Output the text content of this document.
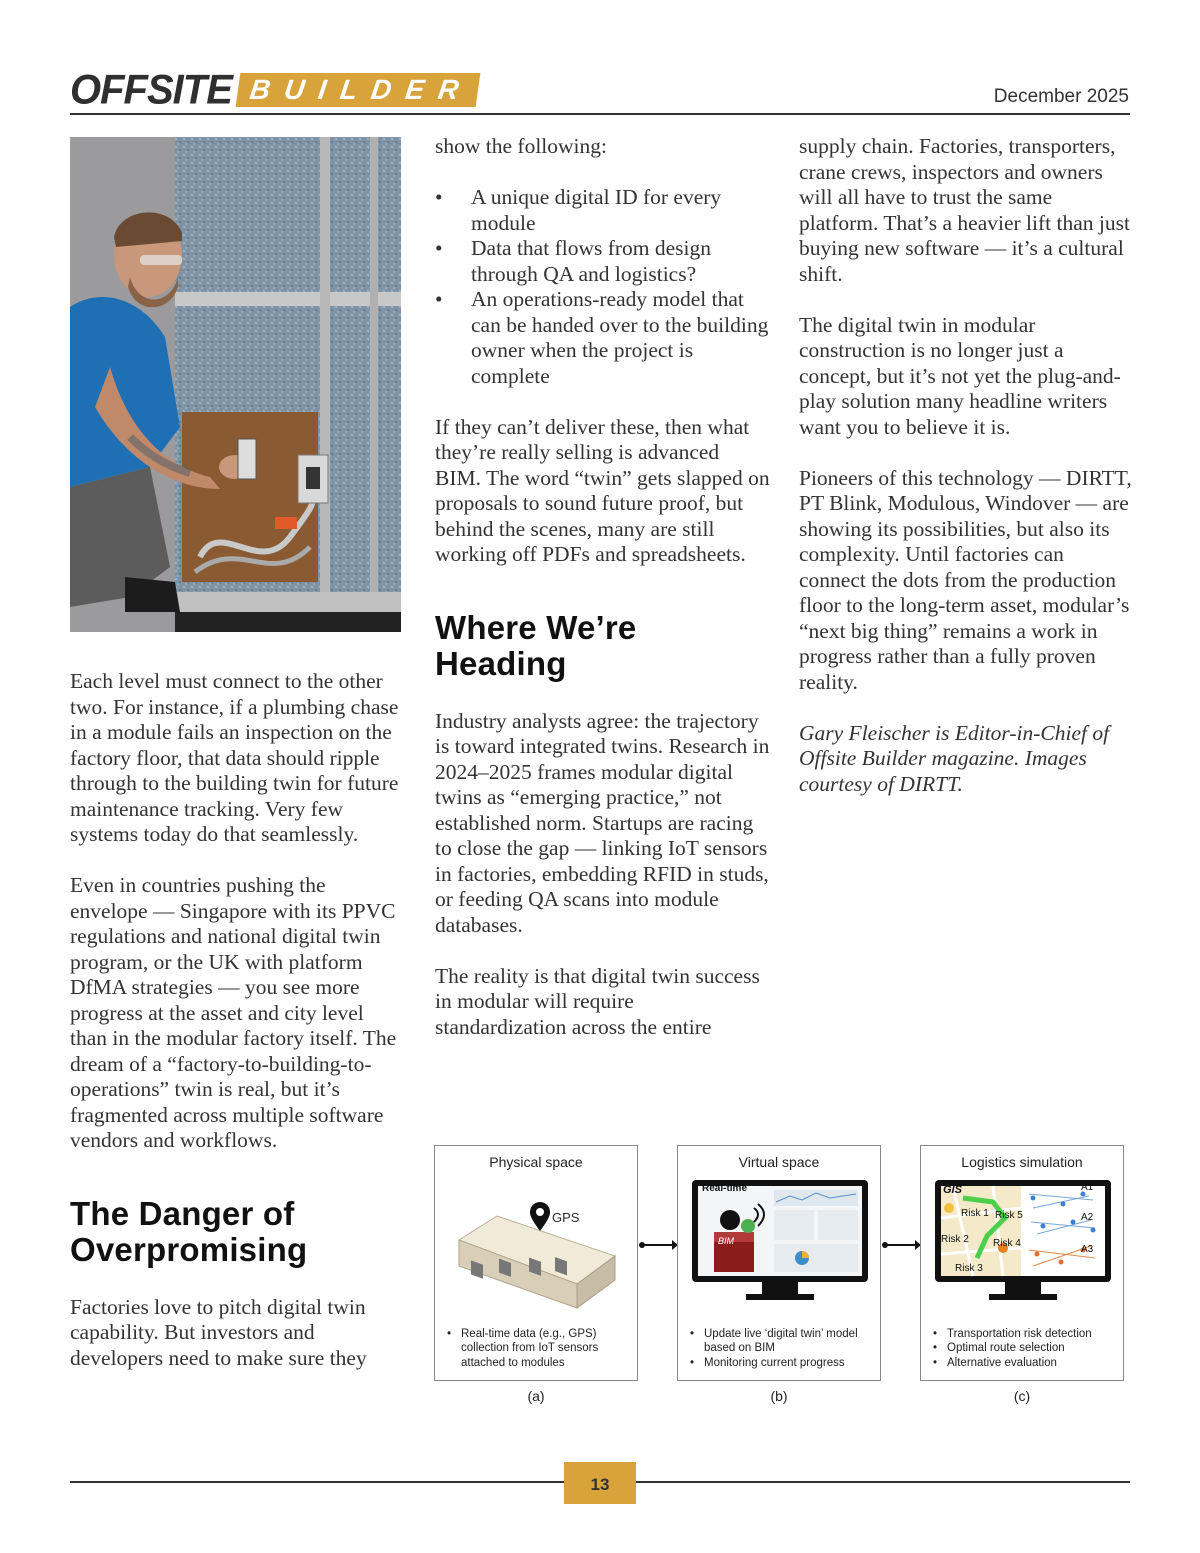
OFFSITE BUILDER	December 2025

Each level must connect to the other two. For instance, if a plumbing chase in a module fails an inspection on the factory floor, that data should ripple through to the building twin for future maintenance tracking. Very few systems today do that seamlessly.

Even in countries pushing the envelope — Singapore with its PPVC regulations and national digital twin program, or the UK with platform DfMA strategies — you see more progress at the asset and city level than in the modular factory itself. The dream of a “factory-to-building-to-operations” twin is real, but it’s fragmented across multiple software vendors and workflows.

The Danger of Overpromising

Factories love to pitch digital twin capability. But investors and developers need to make sure they

show the following:

• A unique digital ID for every module
• Data that flows from design through QA and logistics?
• An operations-ready model that can be handed over to the building owner when the project is complete

If they can’t deliver these, then what they’re really selling is advanced BIM. The word “twin” gets slapped on proposals to sound future proof, but behind the scenes, many are still working off PDFs and spreadsheets.

Where We’re Heading

Industry analysts agree: the trajectory is toward integrated twins. Research in 2024–2025 frames modular digital twins as “emerging practice,” not established norm. Startups are racing to close the gap — linking IoT sensors in factories, embedding RFID in studs, or feeding QA scans into module databases.

The reality is that digital twin success in modular will require standardization across the entire

supply chain. Factories, transporters, crane crews, inspectors and owners will all have to trust the same platform. That’s a heavier lift than just buying new software — it’s a cultural shift.

The digital twin in modular construction is no longer just a concept, but it’s not yet the plug-and-play solution many headline writers want you to believe it is.

Pioneers of this technology — DIRTT, PT Blink, Modulous, Windover — are showing its possibilities, but also its complexity. Until factories can connect the dots from the production floor to the long-term asset, modular’s “next big thing” remains a work in progress rather than a fully proven reality.

Gary Fleischer is Editor-in-Chief of Offsite Builder magazine. Images courtesy of DIRTT.

Physical space
GPS
• Real-time data (e.g., GPS) collection from IoT sensors attached to modules
(a)
Virtual space
Real-time
BIM
• Update live ‘digital twin’ model based on BIM
• Monitoring current progress
(b)
Logistics simulation
GIS
Risk 1 Risk 5
Risk 2 Risk 4
Risk 3
A1
A2
A3
• Transportation risk detection
• Optimal route selection
• Alternative evaluation
(c)
13
